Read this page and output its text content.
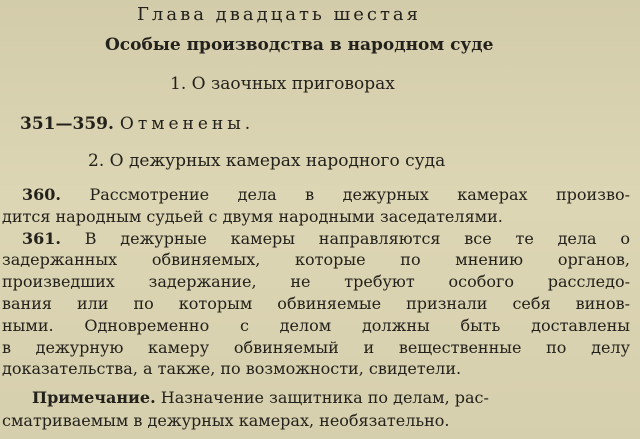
Глава двадцать шестая
Особые производства в народном суде
1. О заочных приговорах
351—359. Отменены.
2. О дежурных камерах народного суда
360. Рассмотрение дела в дежурных камерах произво-
дится народным судьей с двумя народными заседателями.
361. В дежурные камеры направляются все те дела о
задержанных обвиняемых, которые по мнению органов,
произведших задержание, не требуют особого расследо-
вания или по которым обвиняемые признали себя винов-
ными. Одновременно с делом должны быть доставлены
в дежурную камеру обвиняемый и вещественные по делу
доказательства, а также, по возможности, свидетели.
Примечание. Назначение защитника по делам, рас-
сматриваемым в дежурных камерах, необязательно.
